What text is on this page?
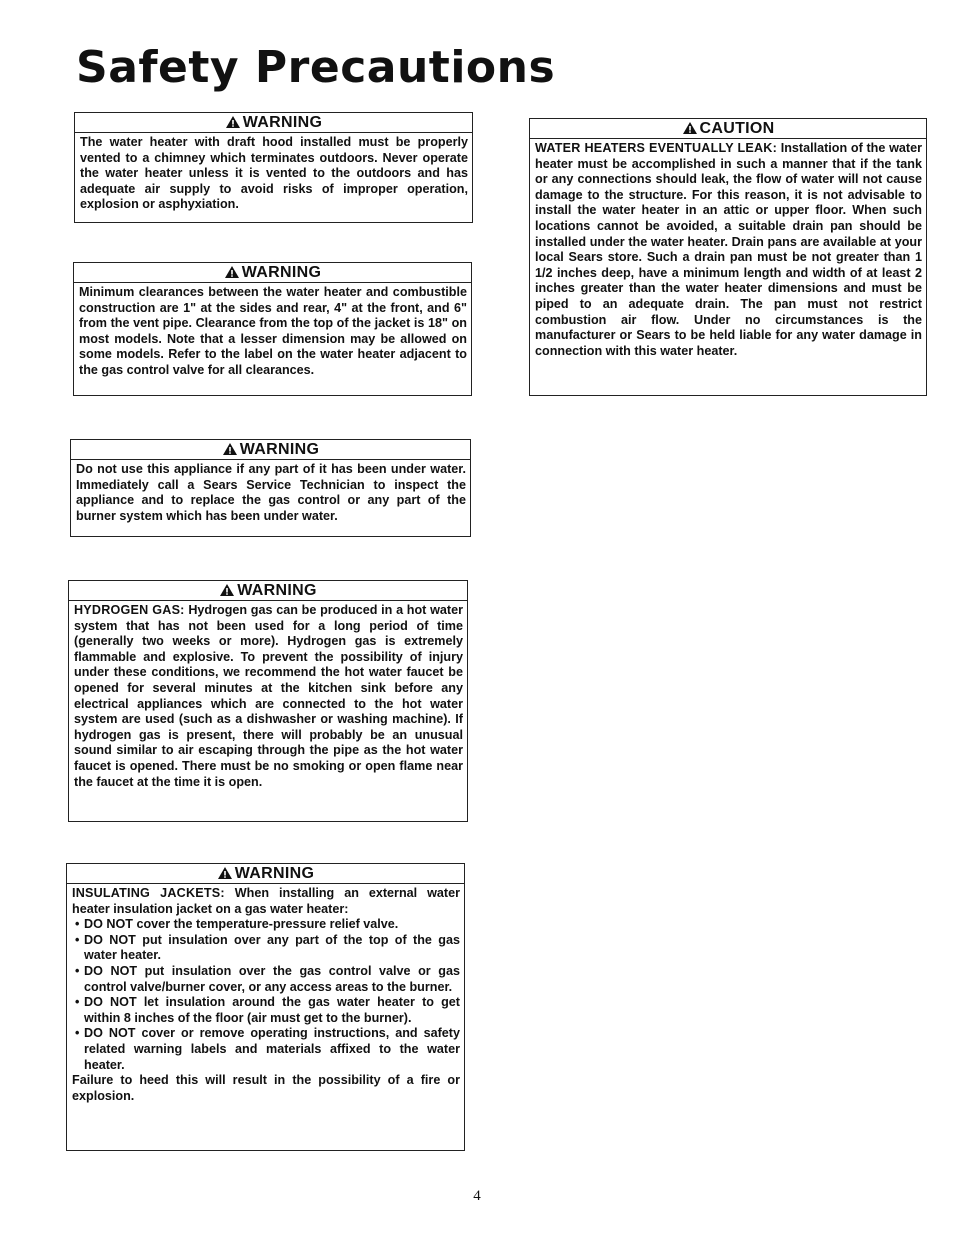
Safety Precautions
WARNING

The water heater with draft hood installed must be properly vented to a chimney which terminates outdoors. Never operate the water heater unless it is vented to the outdoors and has adequate air supply to avoid risks of improper operation, explosion or asphyxiation.

WARNING

Minimum clearances between the water heater and combustible construction are 1" at the sides and rear, 4" at the front, and 6" from the vent pipe. Clearance from the top of the jacket is 18" on most models. Note that a lesser dimension may be allowed on some models. Refer to the label on the water heater adjacent to the gas control valve for all clearances.

CAUTION

WATER HEATERS EVENTUALLY LEAK: Installation of the water heater must be accomplished in such a manner that if the tank or any connections should leak, the flow of water will not cause damage to the structure. For this reason, it is not advisable to install the water heater in an attic or upper floor. When such locations cannot be avoided, a suitable drain pan should be installed under the water heater. Drain pans are available at your local Sears store. Such a drain pan must be not greater than 1 1/2 inches deep, have a minimum length and width of at least 2 inches greater than the water heater dimensions and must be piped to an adequate drain. The pan must not restrict combustion air flow. Under no circumstances is the manufacturer or Sears to be held liable for any water damage in connection with this water heater.

WARNING

Do not use this appliance if any part of it has been under water. Immediately call a Sears Service Technician to inspect the appliance and to replace the gas control or any part of the burner system which has been under water.

WARNING

HYDROGEN GAS: Hydrogen gas can be produced in a hot water system that has not been used for a long period of time (generally two weeks or more). Hydrogen gas is extremely flammable and explosive. To prevent the possibility of injury under these conditions, we recommend the hot water faucet be opened for several minutes at the kitchen sink before any electrical appliances which are connected to the hot water system are used (such as a dishwasher or washing machine). If hydrogen gas is present, there will probably be an unusual sound similar to air escaping through the pipe as the hot water faucet is opened. There must be no smoking or open flame near the faucet at the time it is open.

WARNING

INSULATING JACKETS: When installing an external water heater insulation jacket on a gas water heater:

• DO NOT cover the temperature-pressure relief valve.
• DO NOT put insulation over any part of the top of the gas water heater.
• DO NOT put insulation over the gas control valve or gas control valve/burner cover, or any access areas to the burner.
• DO NOT let insulation around the gas water heater to get within 8 inches of the floor (air must get to the burner).
• DO NOT cover or remove operating instructions, and safety related warning labels and materials affixed to the water heater.

Failure to heed this will result in the possibility of a fire or explosion.

4
